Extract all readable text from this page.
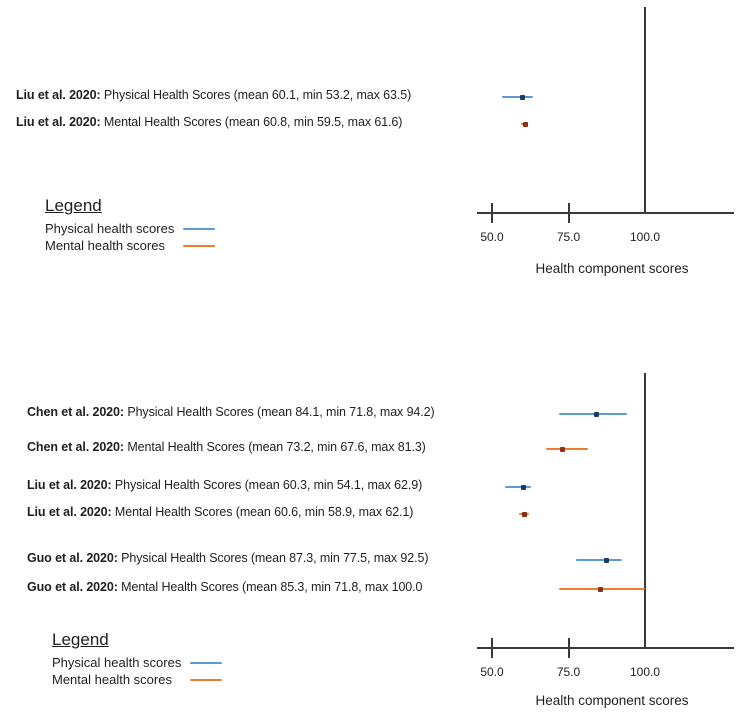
Legend
Physical health scores
Mental health scores
Health component scores
Legend
Physical health scores
Mental health scores
Health component scores
50.0	75.0	100.0
Liu et al. 2020: Physical Health Scores (mean 60.1, min 53.2, max 63.5)
Liu et al. 2020: Mental Health Scores (mean 60.8, min 59.5, max 61.6)
50.0	75.0	100.0
Chen et al. 2020: Physical Health Scores (mean 84.1, min 71.8, max 94.2)
Chen et al. 2020: Mental Health Scores (mean 73.2, min 67.6, max 81.3)
Liu et al. 2020: Physical Health Scores (mean 60.3, min 54.1, max 62.9)
Liu et al. 2020: Mental Health Scores (mean 60.6, min 58.9, max 62.1)
Guo et al. 2020: Physical Health Scores (mean 87.3, min 77.5, max 92.5)
Guo et al. 2020: Mental Health Scores (mean 85.3, min 71.8, max 100.0
